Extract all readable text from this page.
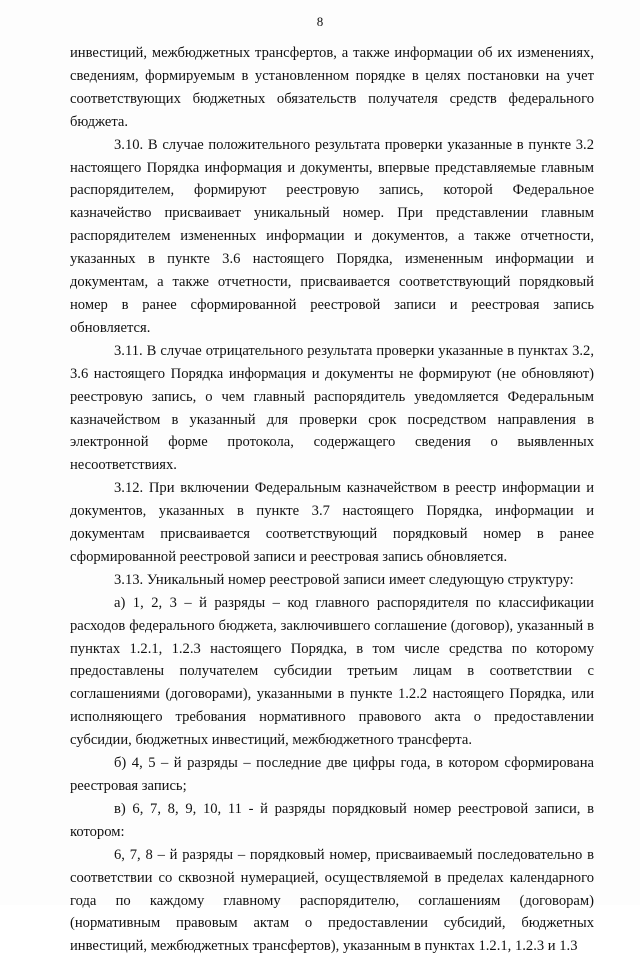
8

инвестиций, межбюджетных трансфертов, а также информации об их изменениях, сведениям, формируемым в установленном порядке в целях постановки на учет соответствующих бюджетных обязательств получателя средств федерального бюджета.

3.10. В случае положительного результата проверки указанные в пункте 3.2 настоящего Порядка информация и документы, впервые представляемые главным распорядителем, формируют реестровую запись, которой Федеральное казначейство присваивает уникальный номер. При представлении главным распорядителем измененных информации и документов, а также отчетности, указанных в пункте 3.6 настоящего Порядка, измененным информации и документам, а также отчетности, присваивается соответствующий порядковый номер в ранее сформированной реестровой записи и реестровая запись обновляется.

3.11. В случае отрицательного результата проверки указанные в пунктах 3.2, 3.6 настоящего Порядка информация и документы не формируют (не обновляют) реестровую запись, о чем главный распорядитель уведомляется Федеральным казначейством в указанный для проверки срок посредством направления в электронной форме протокола, содержащего сведения о выявленных несоответствиях.

3.12. При включении Федеральным казначейством в реестр информации и документов, указанных в пункте 3.7 настоящего Порядка, информации и документам присваивается соответствующий порядковый номер в ранее сформированной реестровой записи и реестровая запись обновляется.

3.13. Уникальный номер реестровой записи имеет следующую структуру:

а) 1, 2, 3 – й разряды – код главного распорядителя по классификации расходов федерального бюджета, заключившего соглашение (договор), указанный в пунктах 1.2.1, 1.2.3 настоящего Порядка, в том числе средства по которому предоставлены получателем субсидии третьим лицам в соответствии с соглашениями (договорами), указанными в пункте 1.2.2 настоящего Порядка, или исполняющего требования нормативного правового акта о предоставлении субсидии, бюджетных инвестиций, межбюджетного трансферта.

б) 4, 5 – й разряды – последние две цифры года, в котором сформирована реестровая запись;

в) 6, 7, 8, 9, 10, 11 - й разряды порядковый номер реестровой записи, в котором:

6, 7, 8 – й разряды – порядковый номер, присваиваемый последовательно в соответствии со сквозной нумерацией, осуществляемой в пределах календарного года по каждому главному распорядителю, соглашениям (договорам) (нормативным правовым актам о предоставлении субсидий, бюджетных инвестиций, межбюджетных трансфертов), указанным в пунктах 1.2.1, 1.2.3 и 1.3
